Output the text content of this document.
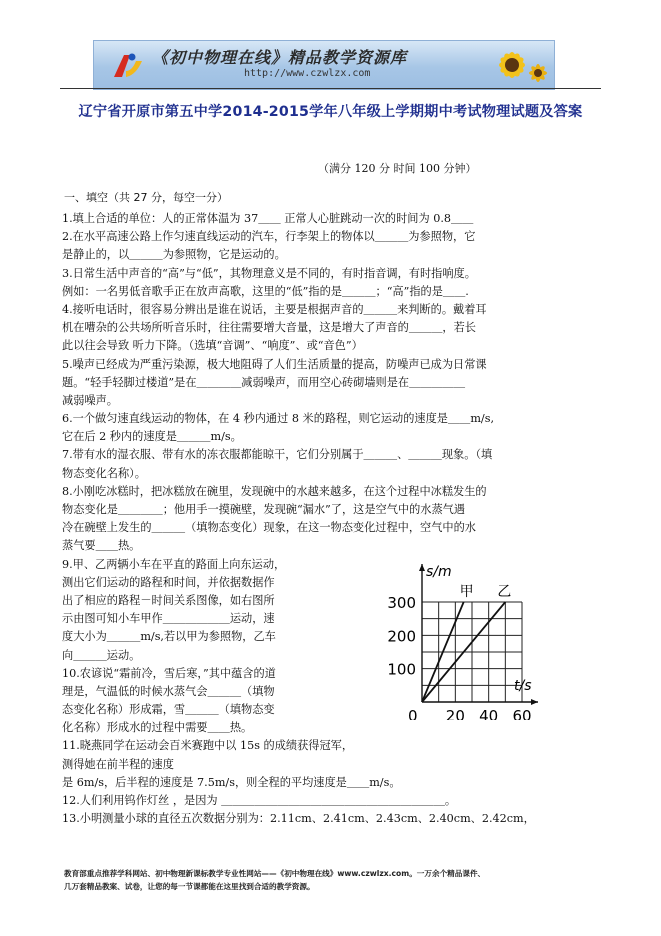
《初中物理在线》精品教学资源库
http://www.czwlzx.com
辽宁省开原市第五中学2014-2015学年八年级上学期期中考试物理试题及答案
（满分 120 分 时间 100 分钟）
一、填空（共 27 分，每空一分）
1.填上合适的单位：人的正常体温为 37＿＿ 正常人心脏跳动一次的时间为 0.8＿＿
2.在水平高速公路上作匀速直线运动的汽车，行李架上的物体以＿＿＿为参照物，它
是静止的，以＿＿＿为参照物，它是运动的。
3.日常生活中声音的“高”与“低”，其物理意义是不同的，有时指音调，有时指响度。
例如：一名男低音歌手正在放声高歌，这里的“低”指的是＿＿＿；“高”指的是＿＿.
4.接听电话时，很容易分辨出是谁在说话，主要是根据声音的＿＿＿来判断的。戴着耳
机在嘈杂的公共场所听音乐时，往往需要增大音量，这是增大了声音的＿＿＿，若长
此以往会导致 听力下降。（选填“音调”、“响度”、或“音色”）
5.噪声已经成为严重污染源，极大地阻碍了人们生活质量的提高，防噪声已成为日常课
题。“轻手轻脚过楼道”是在＿＿＿＿减弱噪声，而用空心砖砌墙则是在＿＿＿＿＿
减弱噪声。
6.一个做匀速直线运动的物体，在 4 秒内通过 8 米的路程，则它运动的速度是＿＿m/s,
它在后 2 秒内的速度是＿＿＿m/s。
7.带有水的湿衣服、带有水的冻衣服都能晾干，它们分别属于＿＿＿、＿＿＿现象。（填
物态变化名称）。
8.小刚吃冰糕时，把冰糕放在碗里，发现碗中的水越来越多，在这个过程中冰糕发生的
物态变化是＿＿＿＿；他用手一摸碗壁，发现碗“漏水”了，这是空气中的水蒸气遇
冷在碗壁上发生的＿＿＿（填物态变化）现象，在这一物态变化过程中，空气中的水
蒸气要＿＿热。
9.甲、乙两辆小车在平直的路面上向东运动，
测出它们运动的路程和时间，并依据数据作
出了相应的路程－时间关系图像，如右图所
示由图可知小车甲作＿＿＿＿＿＿运动，速
度大小为＿＿＿m/s,若以甲为参照物，乙车
向＿＿＿运动。
10.农谚说“霜前冷，雪后寒，”其中蕴含的道
理是，气温低的时候水蒸气会＿＿＿（填物
态变化名称）形成霜，雪＿＿＿（填物态变
化名称）形成水的过程中需要＿＿热。
11.晓燕同学在运动会百米赛跑中以 15s 的成绩获得冠军，
测得她在前半程的速度
是 6m/s，后半程的速度是 7.5m/s，则全程的平均速度是＿＿m/s。
12.人们利用钨作灯丝 ，是因为 ＿＿＿＿＿＿＿＿＿＿＿＿＿＿＿＿＿＿＿＿。
13.小明测量小球的直径五次数据分别为：2.11cm、2.41cm、2.43cm、2.40cm、2.42cm，
s/m
t/s
100
200
300
0 20 40 60
甲 乙
教育部重点推荐学科网站、初中物理新课标教学专业性网站——《初中物理在线》www.czwlzx.com。一万余个精品课件、
几万套精品教案、试卷，让您的每一节课都能在这里找到合适的教学资源。
